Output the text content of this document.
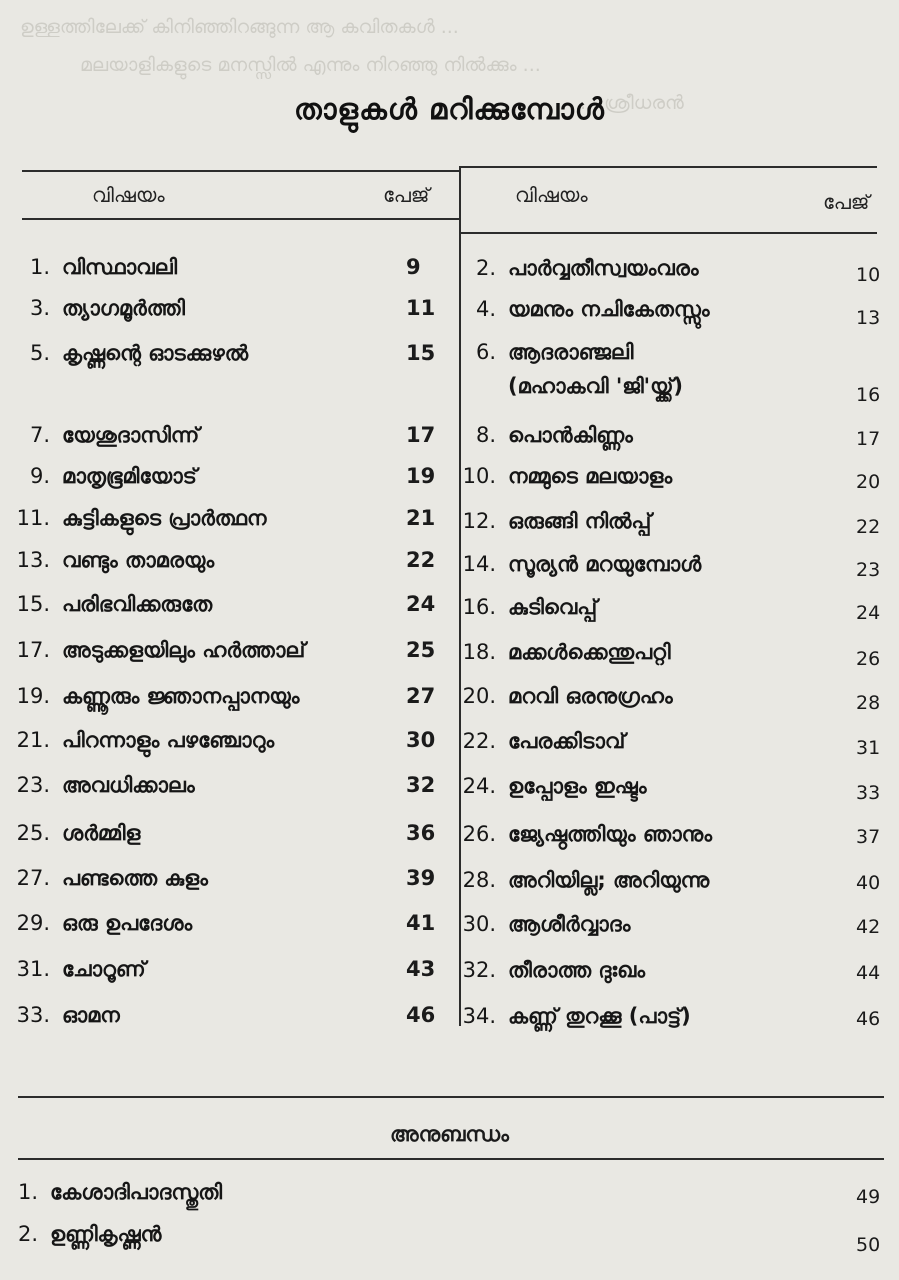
ഉള്ളത്തിലേക്ക് കിനിഞ്ഞിറങ്ങുന്ന ആ കവിതകൾ ...
മലയാളികളുടെ മനസ്സിൽ എന്നും നിറഞ്ഞു നിൽക്കും ...
... ശ്രീധരൻ
താളുകൾ മറിക്കുമ്പോൾ
വിഷയം	പേജ്	വിഷയം	പേജ്
1. വിസ്ഥാവലി	9
3. ത്യാഗമൂർത്തി	11
5. കൃഷ്ണന്റെ ഓടക്കുഴൽ	15
7. യേശുദാസിന്ന്	17
9. മാതൃഭൂമിയോട്	19
11. കുട്ടികളുടെ പ്രാർത്ഥന	21
13. വണ്ടും താമരയും	22
15. പരിഭവിക്കരുതേ	24
17. അടുക്കളയിലും ഹർത്താല്	25
19. കണ്ണൂരും ജ്ഞാനപ്പാനയും	27
21. പിറന്നാളും പഴഞ്ചോറും	30
23. അവധിക്കാലം	32
25. ശർമ്മിള	36
27. പണ്ടത്തെ കുളം	39
29. ഒരു ഉപദേശം	41
31. ചോറൂണ്	43
33. ഓമന	46
2. പാർവ്വതീസ്വയംവരം	10
4. യമനും നചികേതസ്സും	13
6. ആദരാഞ്ജലി
(മഹാകവി 'ജി'യ്ക്ക്)	16
8. പൊൻകിണ്ണം	17
10. നമ്മുടെ മലയാളം	20
12. ഒരുങ്ങി നിൽപ്പ്	22
14. സൂര്യൻ മറയുമ്പോൾ	23
16. കുടിവെപ്പ്	24
18. മക്കൾക്കെന്തുപറ്റി	26
20. മറവി ഒരനുഗ്രഹം	28
22. പേരക്കിടാവ്	31
24. ഉപ്പോളം ഇഷ്ടം	33
26. ജ്യേഷ്ഠത്തിയും ഞാനും	37
28. അറിയില്ല; അറിയുന്നു	40
30. ആശീർവ്വാദം	42
32. തീരാത്ത ദുഃഖം	44
34. കണ്ണ് തുറക്കൂ (പാട്ട്)	46
അനുബന്ധം
1. കേശാദിപാദസ്തുതി	49
2. ഉണ്ണികൃഷ്ണൻ	50
